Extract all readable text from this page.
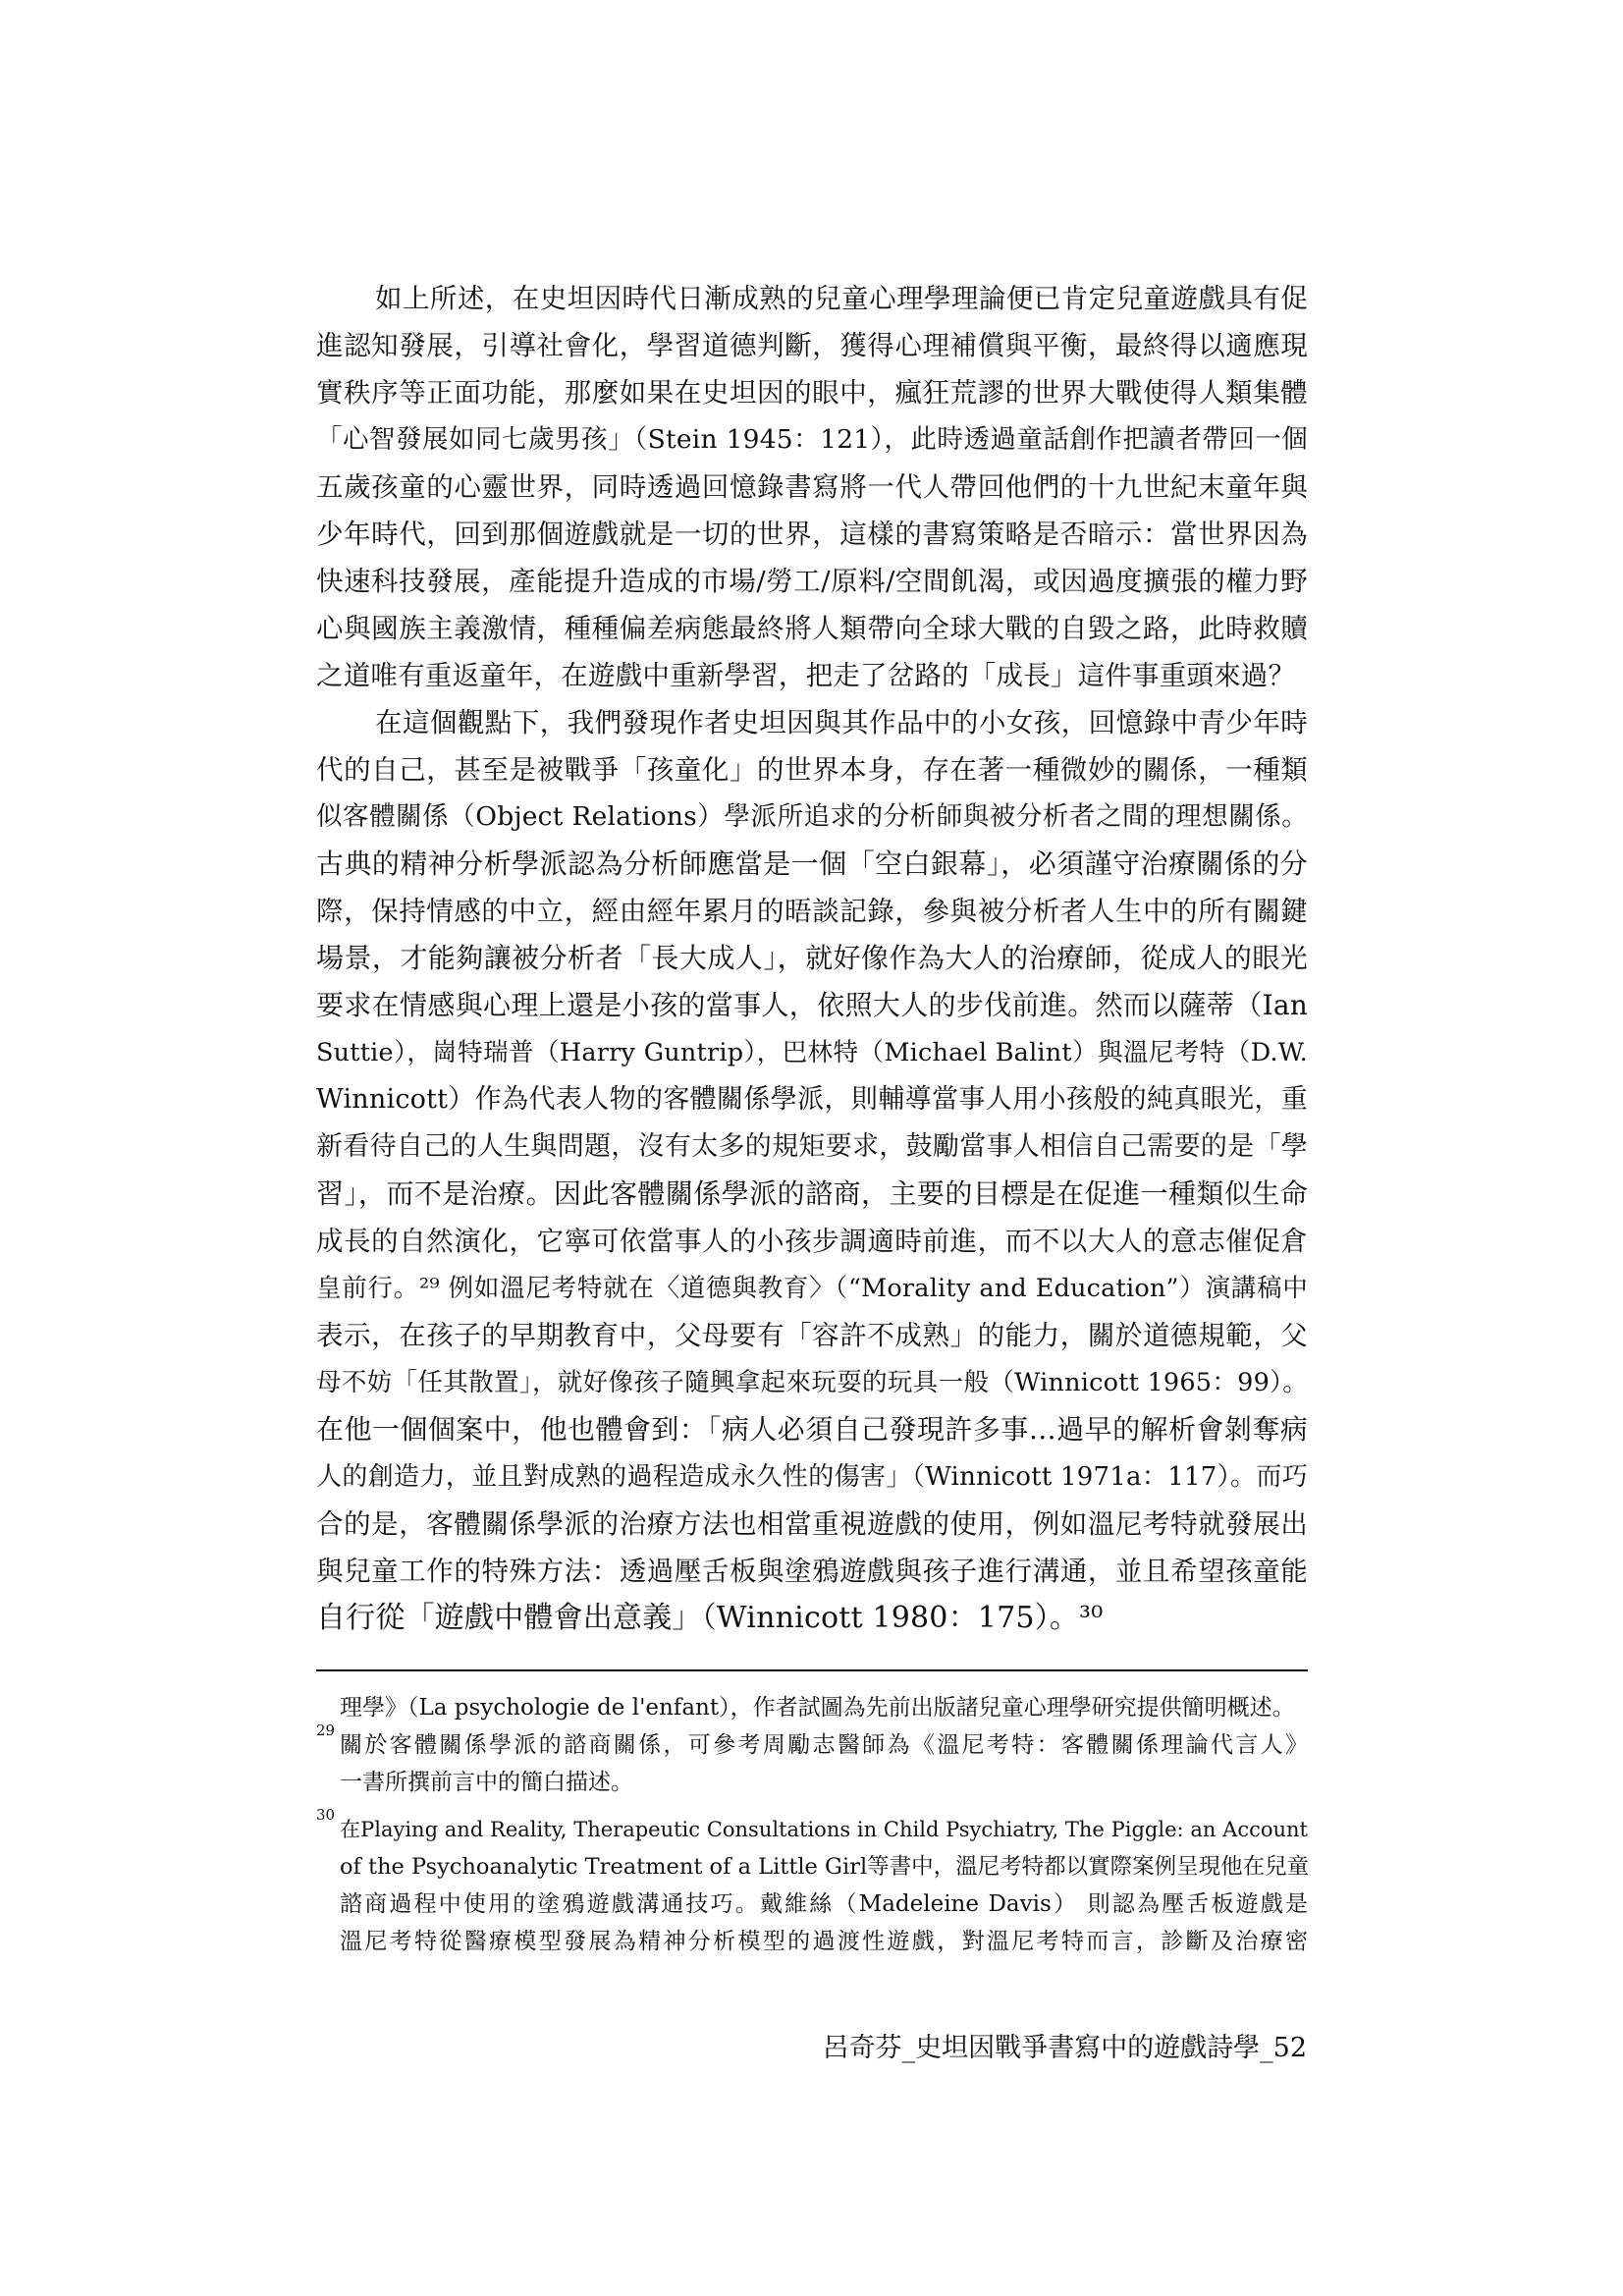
如上所述，在史坦因時代日漸成熟的兒童心理學理論便已肯定兒童遊戲具有促
進認知發展，引導社會化，學習道德判斷，獲得心理補償與平衡，最終得以適應現
實秩序等正面功能，那麼如果在史坦因的眼中，瘋狂荒謬的世界大戰使得人類集體
「心智發展如同七歲男孩」（Stein 1945：121），此時透過童話創作把讀者帶回一個
五歲孩童的心靈世界，同時透過回憶錄書寫將一代人帶回他們的十九世紀末童年與
少年時代，回到那個遊戲就是一切的世界，這樣的書寫策略是否暗示：當世界因為
快速科技發展，產能提升造成的市場/勞工/原料/空間飢渴，或因過度擴張的權力野
心與國族主義激情，種種偏差病態最終將人類帶向全球大戰的自毀之路，此時救贖
之道唯有重返童年，在遊戲中重新學習，把走了岔路的「成長」這件事重頭來過？
在這個觀點下，我們發現作者史坦因與其作品中的小女孩，回憶錄中青少年時
代的自己，甚至是被戰爭「孩童化」的世界本身，存在著一種微妙的關係，一種類
似客體關係（Object Relations）學派所追求的分析師與被分析者之間的理想關係。
古典的精神分析學派認為分析師應當是一個「空白銀幕」，必須謹守治療關係的分
際，保持情感的中立，經由經年累月的晤談記錄，參與被分析者人生中的所有關鍵
場景，才能夠讓被分析者「長大成人」，就好像作為大人的治療師，從成人的眼光
要求在情感與心理上還是小孩的當事人，依照大人的步伐前進。然而以薩蒂（Ian
Suttie），崗特瑞普（Harry Guntrip），巴林特（Michael Balint）與溫尼考特（D.W.
Winnicott）作為代表人物的客體關係學派，則輔導當事人用小孩般的純真眼光，重
新看待自己的人生與問題，沒有太多的規矩要求，鼓勵當事人相信自己需要的是「學
習」，而不是治療。因此客體關係學派的諮商，主要的目標是在促進一種類似生命
成長的自然演化，它寧可依當事人的小孩步調適時前進，而不以大人的意志催促倉
皇前行。²⁹ 例如溫尼考特就在〈道德與教育〉（“Morality and Education”）演講稿中
表示，在孩子的早期教育中，父母要有「容許不成熟」的能力，關於道德規範，父
母不妨「任其散置」，就好像孩子隨興拿起來玩耍的玩具一般（Winnicott 1965：99）。
在他一個個案中，他也體會到：「病人必須自己發現許多事…過早的解析會剝奪病
人的創造力，並且對成熟的過程造成永久性的傷害」（Winnicott 1971a：117）。而巧
合的是，客體關係學派的治療方法也相當重視遊戲的使用，例如溫尼考特就發展出
與兒童工作的特殊方法：透過壓舌板與塗鴉遊戲與孩子進行溝通，並且希望孩童能
自行從「遊戲中體會出意義」（Winnicott 1980：175）。³⁰
理學》（La psychologie de l'enfant），作者試圖為先前出版諸兒童心理學研究提供簡明概述。
29
關於客體關係學派的諮商關係，可參考周勵志醫師為《溫尼考特：客體關係理論代言人》
一書所撰前言中的簡白描述。
30
在Playing and Reality, Therapeutic Consultations in Child Psychiatry, The Piggle: an Account
of the Psychoanalytic Treatment of a Little Girl等書中，溫尼考特都以實際案例呈現他在兒童
諮商過程中使用的塗鴉遊戲溝通技巧。戴維絲（Madeleine Davis） 則認為壓舌板遊戲是
溫尼考特從醫療模型發展為精神分析模型的過渡性遊戲，對溫尼考特而言，診斷及治療密
呂奇芬_史坦因戰爭書寫中的遊戲詩學_52
